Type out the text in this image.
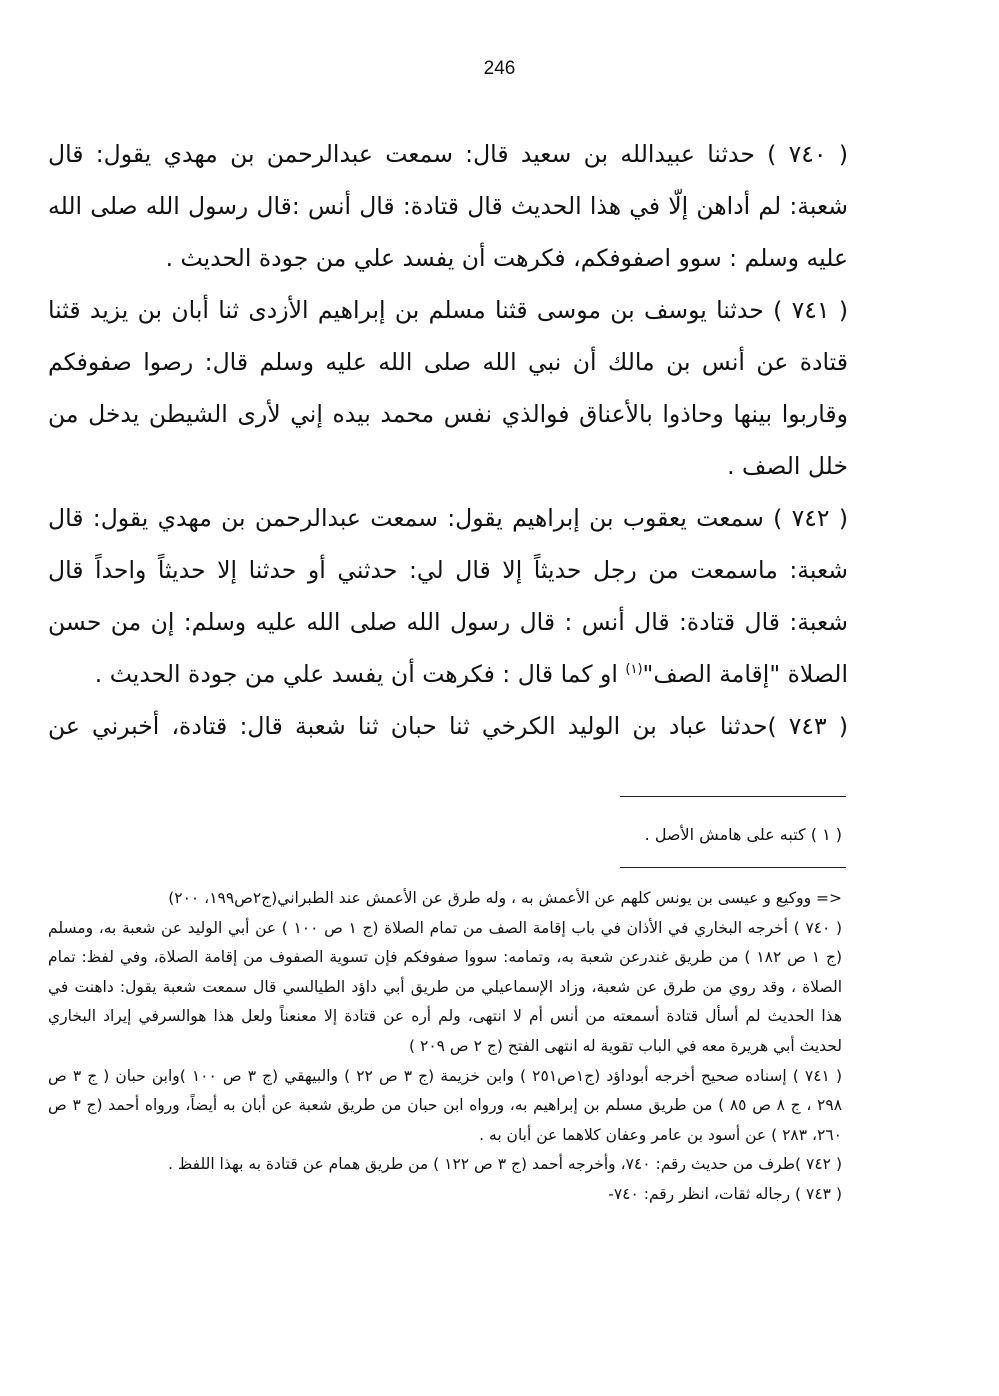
246

( ٧٤٠ ) حدثنا عبيدالله بن سعيد قال: سمعت عبدالرحمن بن مهدي يقول: قال شعبة: لم أداهن إلّا في هذا الحديث قال قتادة: قال أنس :قال رسول الله صلى الله عليه وسلم : سوو اصفوفكم، فكرهت أن يفسد علي من جودة الحديث .

( ٧٤١ ) حدثنا يوسف بن موسى قثنا مسلم بن إبراهيم الأزدى ثنا أبان بن يزيد قثنا قتادة عن أنس بن مالك أن نبي الله صلى الله عليه وسلم قال: رصوا صفوفكم وقاربوا بينها وحاذوا بالأعناق فوالذي نفس محمد بيده إني لأرى الشيطن يدخل من خلل الصف .

( ٧٤٢ ) سمعت يعقوب بن إبراهيم يقول: سمعت عبدالرحمن بن مهدي يقول: قال شعبة: ماسمعت من رجل حديثاً إلا قال لي: حدثني أو حدثنا إلا حديثاً واحداً قال شعبة: قال قتادة: قال أنس : قال رسول الله صلى الله عليه وسلم: إن من حسن الصلاة "إقامة الصف"$^{(١)}$ او كما قال : فكرهت أن يفسد علي من جودة الحديث .

( ٧٤٣ )حدثنا عباد بن الوليد الكرخي ثنا حبان ثنا شعبة قال: قتادة، أخبرني عن

( ١ ) كتبه على هامش الأصل .

<= ووكيع و عيسى بن يونس كلهم عن الأعمش به ، وله طرق عن الأعمش عند الطبراني(ج٢ص١٩٩، ٢٠٠)

( ٧٤٠ ) أخرجه البخاري في الأذان في باب إقامة الصف من تمام الصلاة (ج ١ ص ١٠٠ ) عن أبي الوليد عن شعبة به، ومسلم (ج ١ ص ١٨٢ ) من طريق غندرعن شعبة به، وتمامه: سووا صفوفكم فإن تسوية الصفوف من إقامة الصلاة، وفي لفظ: تمام الصلاة ، وقد روي من طرق عن شعبة، وزاد الإسماعيلي من طريق أبي داؤد الطيالسي قال سمعت شعبة يقول: داهنت في هذا الحديث لم أسأل قتادة أسمعته من أنس أم لا انتهى، ولم أره عن قتادة إلا معنعناً ولعل هذا هوالسرفي إيراد البخاري لحديث أبي هريرة معه في الباب تقوية له انتهى الفتح (ج ٢ ص ٢٠٩ )

( ٧٤١ ) إسناده صحيح أخرجه أبوداؤد (ج١ص٢٥١ ) وابن خزيمة (ج ٣ ص ٢٢ ) والبيهقي (ج ٣ ص ١٠٠ )وابن حبان ( ج ٣ ص ٢٩٨ ، ج ٨ ص ٨٥ ) من طريق مسلم بن إبراهيم به، ورواه ابن حبان من طريق شعبة عن أبان به أيضاً، ورواه أحمد (ج ٣ ص ٢٦٠، ٢٨٣ ) عن أسود بن عامر وعفان كلاهما عن أبان به .

( ٧٤٢ )طرف من حديث رقم: ٧٤٠، وأخرجه أحمد (ج ٣ ص ١٢٢ ) من طريق همام عن قتادة به بهذا اللفظ .

( ٧٤٣ ) رجاله ثقات، انظر رقم: ٧٤٠-
